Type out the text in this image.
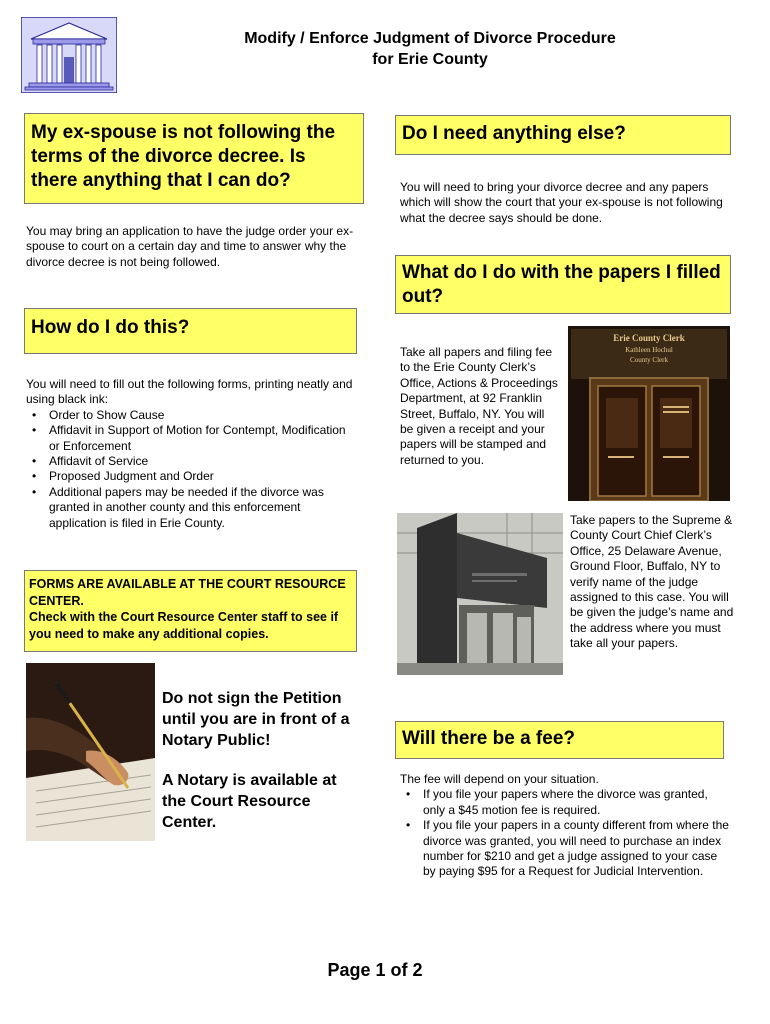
Modify / Enforce Judgment of Divorce Procedure
for Erie County
My ex-spouse is not following the terms of the divorce decree. Is there anything that I can do?

You may bring an application to have the judge order your ex-spouse to court on a certain day and time to answer why the divorce decree is not being followed.

How do I do this?

You will need to fill out the following forms, printing neatly and using black ink:

• Order to Show Cause
• Affidavit in Support of Motion for Contempt, Modification or Enforcement
• Affidavit of Service
• Proposed Judgment and Order
• Additional papers may be needed if the divorce was granted in another county and this enforcement application is filed in Erie County.
FORMS ARE AVAILABLE AT THE COURT RESOURCE CENTER.
Check with the Court Resource Center staff to see if you need to make any additional copies.

Do not sign the Petition until you are in front of a Notary Public!

A Notary is available at the Court Resource Center.

Do I need anything else?

You will need to bring your divorce decree and any papers which will show the court that your ex-spouse is not following what the decree says should be done.

What do I do with the papers I filled out?

Take all papers and filing fee to the Erie County Clerk’s Office, Actions & Proceedings Department, at 92 Franklin Street, Buffalo, NY. You will be given a receipt and your papers will be stamped and returned to you.

Erie County Clerk
Kathleen Hochul
County Clerk

Take papers to the Supreme & County Court Chief Clerk’s Office, 25 Delaware Avenue, Ground Floor, Buffalo, NY to verify name of the judge assigned to this case. You will be given the judge’s name and the address where you must take all your papers.

Will there be a fee?

The fee will depend on your situation.

• If you file your papers where the divorce was granted, only a $45 motion fee is required.
• If you file your papers in a county different from where the divorce was granted, you will need to purchase an index number for $210 and get a judge assigned to your case by paying $95 for a Request for Judicial Intervention.
Page 1 of 2
